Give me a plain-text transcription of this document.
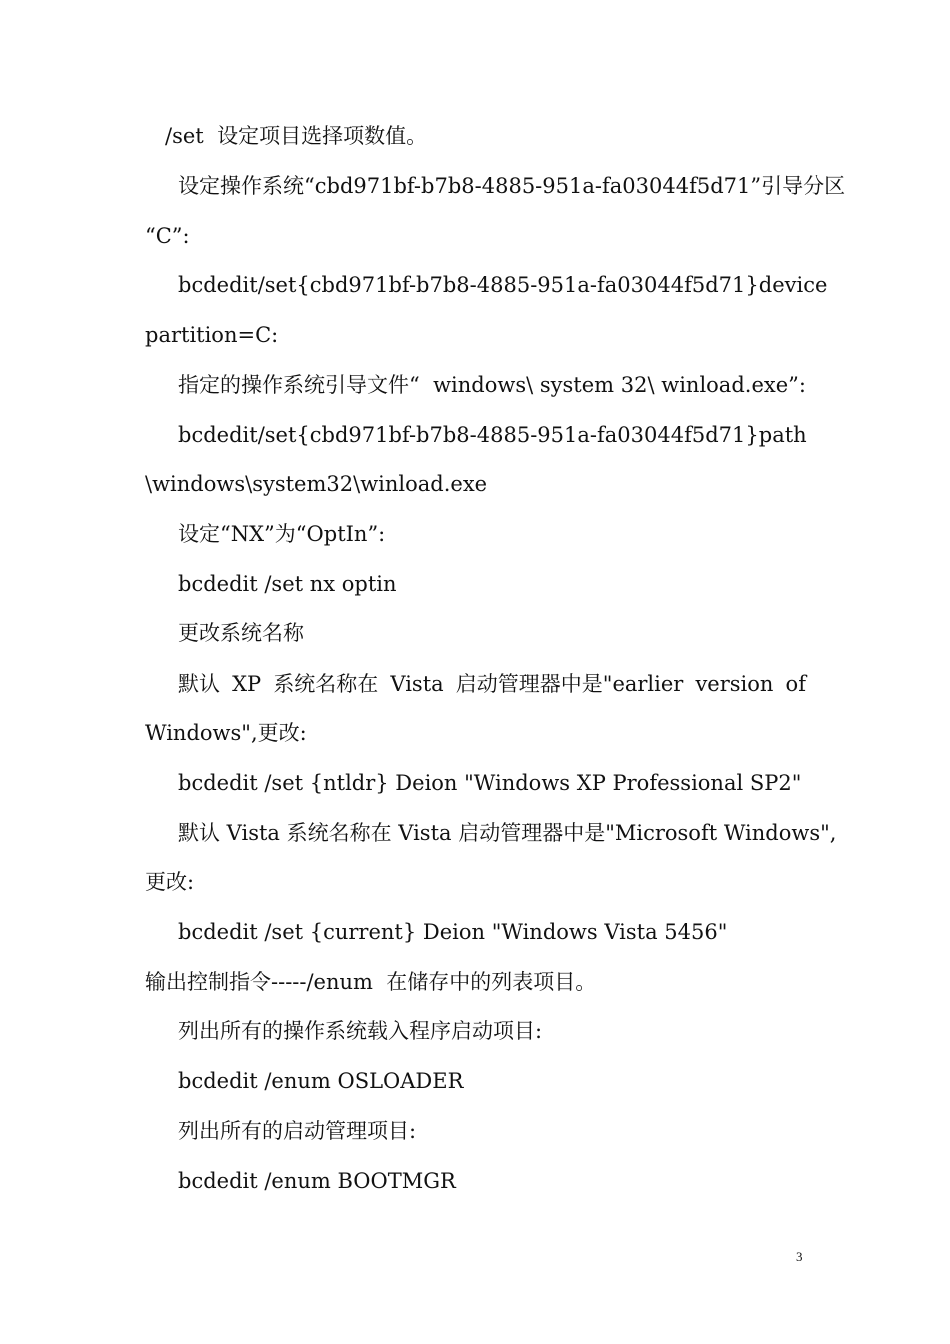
/set  设定项目选择项数值。
设定操作系统“cbd971bf-b7b8-4885-951a-fa03044f5d71”引导分区
“C”:
bcdedit /set {cbd971bf-b7b8-4885-951a-fa03044f5d71} device
partition=C:
指定的操作系统引导文件“  windows\ system 32\ winload.exe”:
bcdedit /set {cbd971bf-b7b8-4885-951a-fa03044f5d71} path
\windows\system32\winload.exe
设定“NX”为“OptIn”:
bcdedit /set nx optin
更改系统名称
默认 XP 系统名称在 Vista 启动管理器中是"earlier version of
Windows",更改:
bcdedit /set {ntldr} Deion "Windows XP Professional SP2"
默认 Vista 系统名称在 Vista 启动管理器中是"Microsoft Windows",
更改:
bcdedit /set {current} Deion "Windows Vista 5456"
输出控制指令-----/enum  在储存中的列表项目。
列出所有的操作系统载入程序启动项目:
bcdedit /enum OSLOADER
列出所有的启动管理项目:
bcdedit /enum BOOTMGR
3
